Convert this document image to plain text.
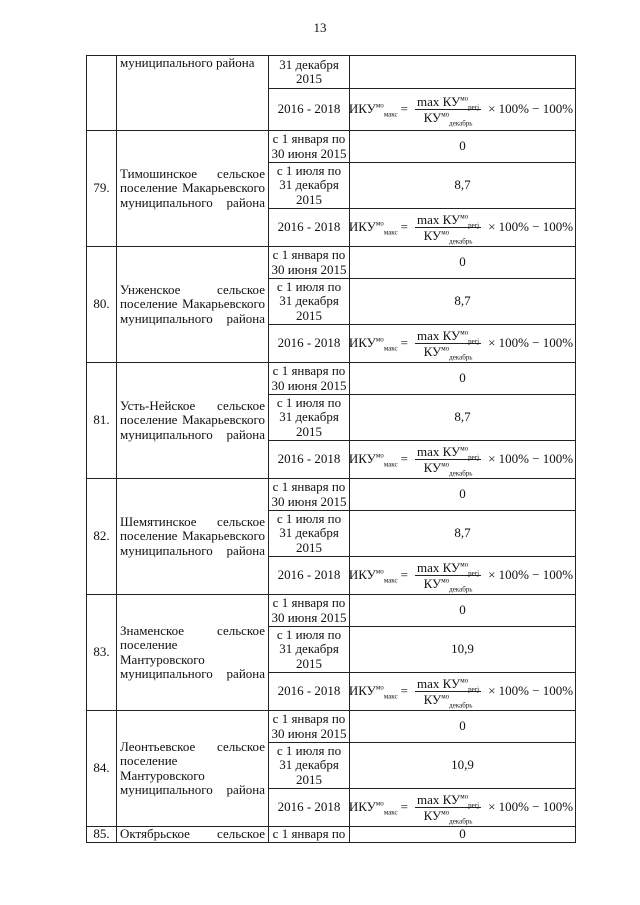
13
	муниципального района	31 декабря 2015	
		2016 - 2018	$ИКУ^{мо}_{макс} = \frac{\max КУ^{мо}_{perj}}{КУ^{мо}_{декабрь}} \times 100\% - 100\%$

79.	Тимошинское сельское поселение Макарьевского муниципального района	с 1 января по 30 июня 2015	0
		с 1 июля по 31 декабря 2015	8,7
		2016 - 2018	$ИКУ^{мо}_{макс} = \frac{\max КУ^{мо}_{perj}}{КУ^{мо}_{декабрь}} \times 100\% - 100\%$

80.	Унженское сельское поселение Макарьевского муниципального района	с 1 января по 30 июня 2015	0
		с 1 июля по 31 декабря 2015	8,7
		2016 - 2018	$ИКУ^{мо}_{макс} = \frac{\max КУ^{мо}_{perj}}{КУ^{мо}_{декабрь}} \times 100\% - 100\%$

81.	Усть-Нейское сельское поселение Макарьевского муниципального района	с 1 января по 30 июня 2015	0
		с 1 июля по 31 декабря 2015	8,7
		2016 - 2018	$ИКУ^{мо}_{макс} = \frac{\max КУ^{мо}_{perj}}{КУ^{мо}_{декабрь}} \times 100\% - 100\%$

82.	Шемятинское сельское поселение Макарьевского муниципального района	с 1 января по 30 июня 2015	0
		с 1 июля по 31 декабря 2015	8,7
		2016 - 2018	$ИКУ^{мо}_{макс} = \frac{\max КУ^{мо}_{perj}}{КУ^{мо}_{декабрь}} \times 100\% - 100\%$

83.	Знаменское сельское поселение Мантуровского муниципального района	с 1 января по 30 июня 2015	0
		с 1 июля по 31 декабря 2015	10,9
		2016 - 2018	$ИКУ^{мо}_{макс} = \frac{\max КУ^{мо}_{perj}}{КУ^{мо}_{декабрь}} \times 100\% - 100\%$

84.	Леонтьевское сельское поселение Мантуровского муниципального района	с 1 января по 30 июня 2015	0
		с 1 июля по 31 декабря 2015	10,9
		2016 - 2018	$ИКУ^{мо}_{макс} = \frac{\max КУ^{мо}_{perj}}{КУ^{мо}_{декабрь}} \times 100\% - 100\%$

85.	Октябрьское сельское	с 1 января по	0
